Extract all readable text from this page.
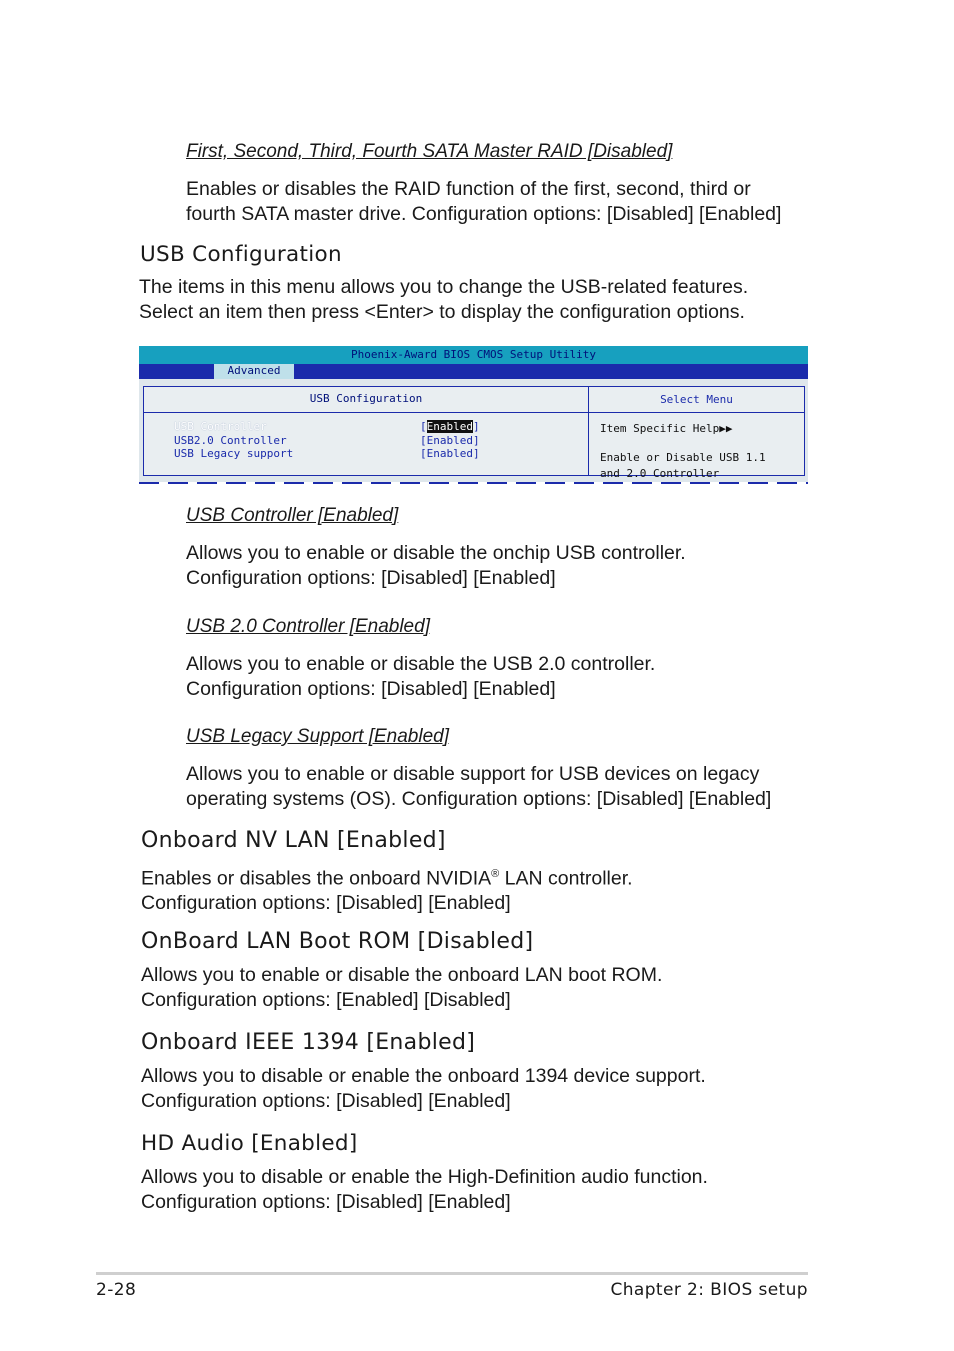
First, Second, Third, Fourth SATA Master RAID [Disabled]
Enables or disables the RAID function of the first, second, third or
fourth SATA master drive. Configuration options: [Disabled] [Enabled]
USB Configuration
The items in this menu allows you to change the USB-related features.
Select an item then press <Enter> to display the configuration options.
Phoenix-Award BIOS CMOS Setup Utility
Advanced
USB Configuration
USB Controller
USB2.0 Controller
USB Legacy support
[Enabled]
[Enabled]
[Enabled]
Select Menu
Item Specific Help▶▶
Enable or Disable USB 1.1
and 2.0 Controller
USB Controller [Enabled]
Allows you to enable or disable the onchip USB controller.
Configuration options: [Disabled] [Enabled]
USB 2.0 Controller [Enabled]
Allows you to enable or disable the USB 2.0 controller.
Configuration options: [Disabled] [Enabled]
USB Legacy Support [Enabled]
Allows you to enable or disable support for USB devices on legacy
operating systems (OS). Configuration options: [Disabled] [Enabled]
Onboard NV LAN [Enabled]
Enables or disables the onboard NVIDIA® LAN controller.
Configuration options: [Disabled] [Enabled]
OnBoard LAN Boot ROM [Disabled]
Allows you to enable or disable the onboard LAN boot ROM.
Configuration options: [Enabled] [Disabled]
Onboard IEEE 1394 [Enabled]
Allows you to disable or enable the onboard 1394 device support.
Configuration options: [Disabled] [Enabled]
HD Audio [Enabled]
Allows you to disable or enable the High-Definition audio function.
Configuration options: [Disabled] [Enabled]
2-28	Chapter 2: BIOS setup
